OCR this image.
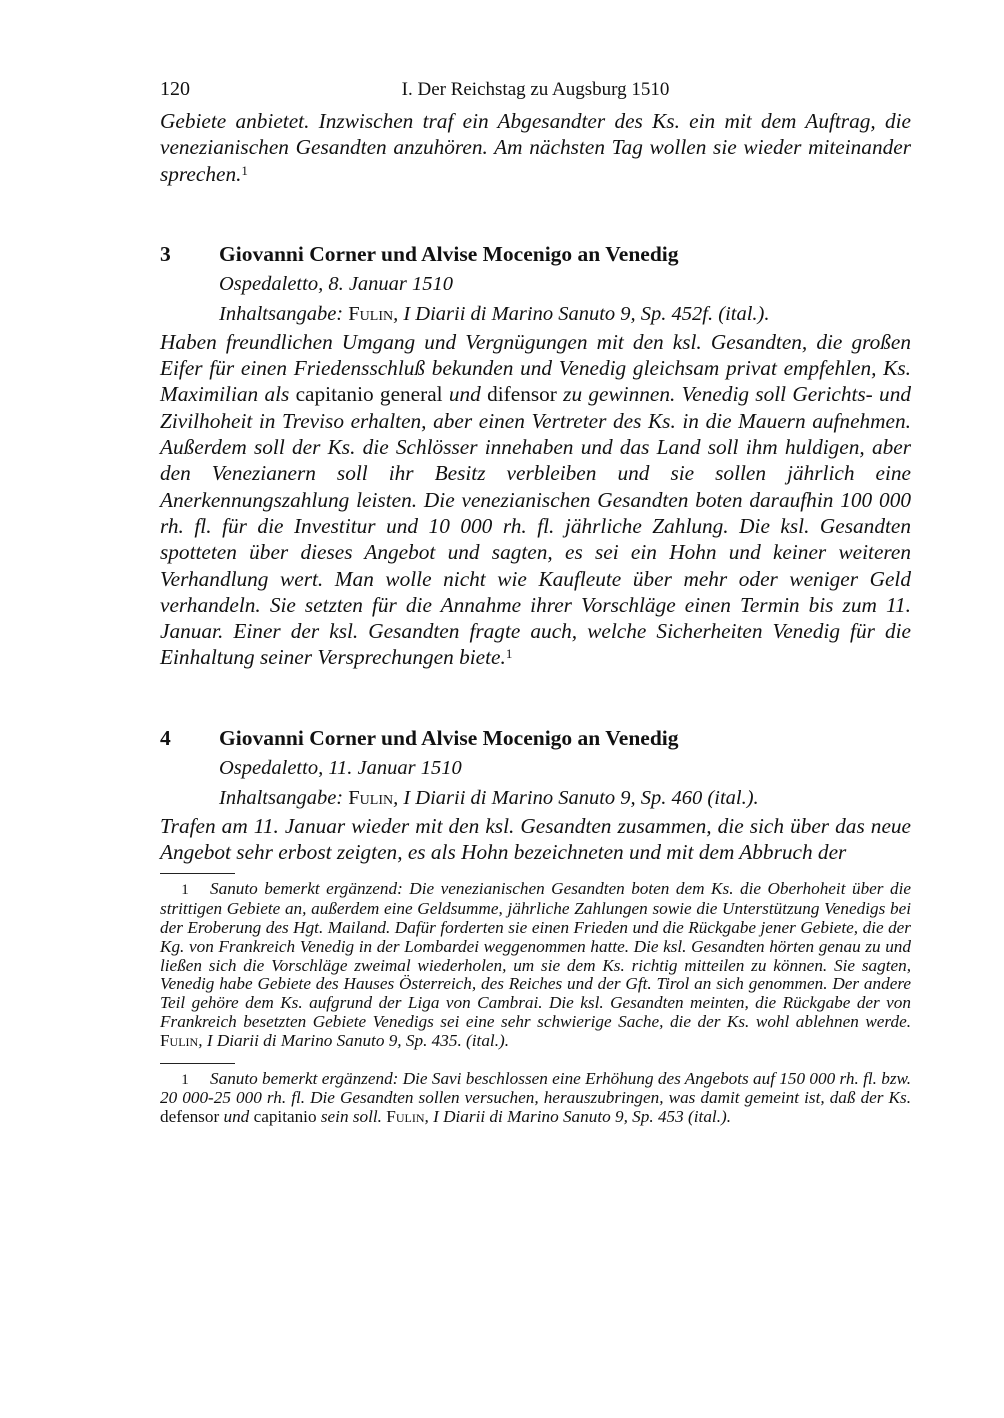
120	I. Der Reichstag zu Augsburg 1510

Gebiete anbietet. Inzwischen traf ein Abgesandter des Ks. ein mit dem Auftrag, die venezianischen Gesandten anzuhören. Am nächsten Tag wollen sie wieder miteinander sprechen.$^1$

3	Giovanni Corner und Alvise Mocenigo an Venedig
Ospedaletto, 8. Januar 1510
Inhaltsangabe: Fulin, I Diarii di Marino Sanuto 9, Sp. 452f. (ital.).

Haben freundlichen Umgang und Vergnügungen mit den ksl. Gesandten, die großen Eifer für einen Friedensschluß bekunden und Venedig gleichsam privat empfehlen, Ks. Maximilian als capitanio general und difensor zu gewinnen. Venedig soll Gerichts- und Zivilhoheit in Treviso erhalten, aber einen Vertreter des Ks. in die Mauern aufnehmen. Außerdem soll der Ks. die Schlösser innehaben und das Land soll ihm huldigen, aber den Venezianern soll ihr Besitz verbleiben und sie sollen jährlich eine Anerkennungszahlung leisten. Die venezianischen Gesandten boten daraufhin 100 000 rh. fl. für die Investitur und 10 000 rh. fl. jährliche Zahlung. Die ksl. Gesandten spotteten über dieses Angebot und sagten, es sei ein Hohn und keiner weiteren Verhandlung wert. Man wolle nicht wie Kaufleute über mehr oder weniger Geld verhandeln. Sie setzten für die Annahme ihrer Vorschläge einen Termin bis zum 11. Januar. Einer der ksl. Gesandten fragte auch, welche Sicherheiten Venedig für die Einhaltung seiner Versprechungen biete.$^1$

4	Giovanni Corner und Alvise Mocenigo an Venedig
Ospedaletto, 11. Januar 1510
Inhaltsangabe: Fulin, I Diarii di Marino Sanuto 9, Sp. 460 (ital.).

Trafen am 11. Januar wieder mit den ksl. Gesandten zusammen, die sich über das neue Angebot sehr erbost zeigten, es als Hohn bezeichneten und mit dem Abbruch der

1 Sanuto bemerkt ergänzend: Die venezianischen Gesandten boten dem Ks. die Oberhoheit über die strittigen Gebiete an, außerdem eine Geldsumme, jährliche Zahlungen sowie die Unterstützung Venedigs bei der Eroberung des Hgt. Mailand. Dafür forderten sie einen Frieden und die Rückgabe jener Gebiete, die der Kg. von Frankreich Venedig in der Lombardei weggenommen hatte. Die ksl. Gesandten hörten genau zu und ließen sich die Vorschläge zweimal wiederholen, um sie dem Ks. richtig mitteilen zu können. Sie sagten, Venedig habe Gebiete des Hauses Österreich, des Reiches und der Gft. Tirol an sich genommen. Der andere Teil gehöre dem Ks. aufgrund der Liga von Cambrai. Die ksl. Gesandten meinten, die Rückgabe der von Frankreich besetzten Gebiete Venedigs sei eine sehr schwierige Sache, die der Ks. wohl ablehnen werde. Fulin, I Diarii di Marino Sanuto 9, Sp. 435. (ital.).
1 Sanuto bemerkt ergänzend: Die Savi beschlossen eine Erhöhung des Angebots auf 150 000 rh. fl. bzw. 20 000-25 000 rh. fl. Die Gesandten sollen versuchen, herauszubringen, was damit gemeint ist, daß der Ks. defensor und capitanio sein soll. Fulin, I Diarii di Marino Sanuto 9, Sp. 453 (ital.).
